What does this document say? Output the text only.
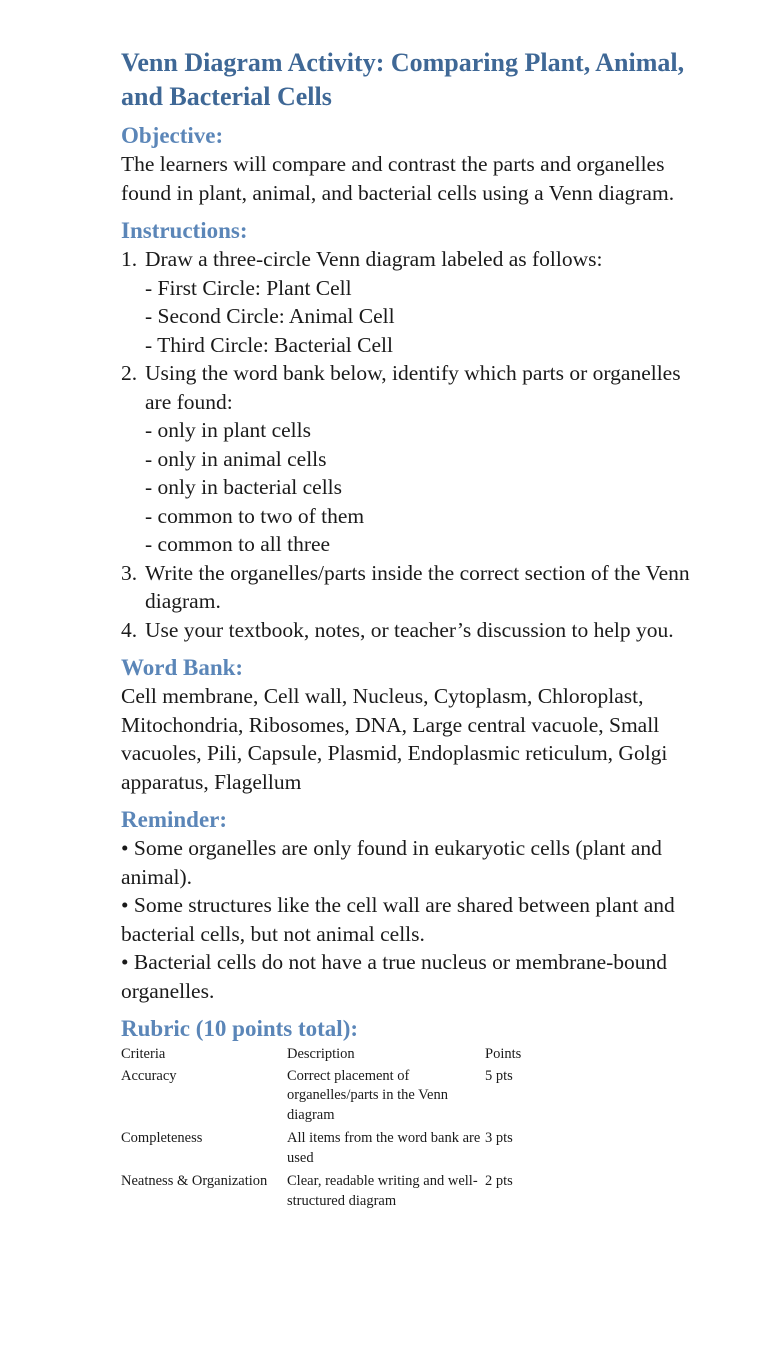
Venn Diagram Activity: Comparing Plant, Animal, and Bacterial Cells
Objective:

The learners will compare and contrast the parts and organelles found in plant, animal, and bacterial cells using a Venn diagram.

Instructions:
1. Draw a three-circle Venn diagram labeled as follows:
- First Circle: Plant Cell
- Second Circle: Animal Cell
- Third Circle: Bacterial Cell
2. Using the word bank below, identify which parts or organelles are found:
- only in plant cells
- only in animal cells
- only in bacterial cells
- common to two of them
- common to all three
3. Write the organelles/parts inside the correct section of the Venn diagram.
4. Use your textbook, notes, or teacher’s discussion to help you.
Word Bank:

Cell membrane, Cell wall, Nucleus, Cytoplasm, Chloroplast, Mitochondria, Ribosomes, DNA, Large central vacuole, Small vacuoles, Pili, Capsule, Plasmid, Endoplasmic reticulum, Golgi apparatus, Flagellum

Reminder:

• Some organelles are only found in eukaryotic cells (plant and animal).

• Some structures like the cell wall are shared between plant and bacterial cells, but not animal cells.

• Bacterial cells do not have a true nucleus or membrane-bound organelles.

Rubric (10 points total):
Criteria	Description	Points
Accuracy	Correct placement of organelles/parts in the Venn diagram	5 pts
Completeness	All items from the word bank are used	3 pts
Neatness & Organization	Clear, readable writing and well-structured diagram	2 pts
